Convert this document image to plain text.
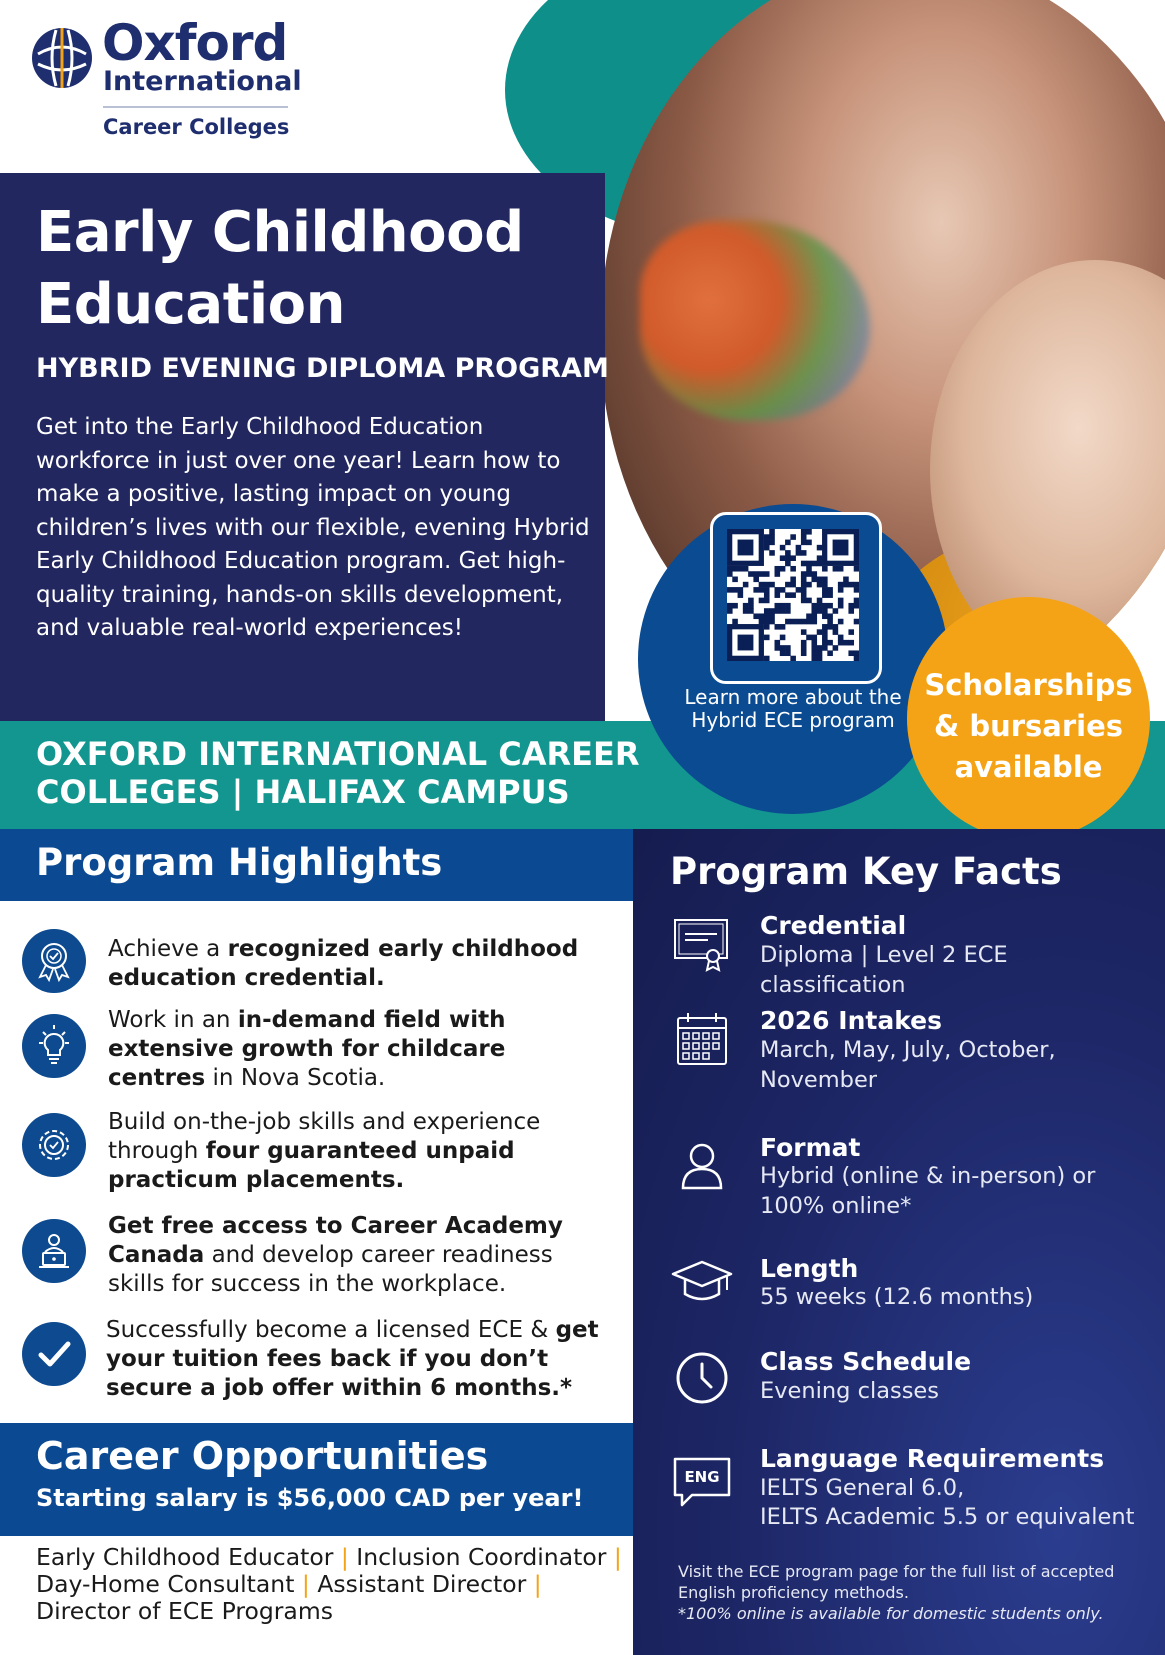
Oxford
International
Career Colleges
Early Childhood Education
HYBRID EVENING DIPLOMA PROGRAM
Get into the Early Childhood Education workforce in just over one year! Learn how to make a positive, lasting impact on young children’s lives with our flexible, evening Hybrid Early Childhood Education program. Get high-quality training, hands-on skills development, and valuable real-world experiences!
OXFORD INTERNATIONAL CAREER
COLLEGES | HALIFAX CAMPUS
Learn more about the Hybrid ECE program
Scholarships
& bursaries
available
Program Highlights
Achieve a recognized early childhood education credential.
Work in an in-demand field with extensive growth for childcare centres in Nova Scotia.
Build on-the-job skills and experience through four guaranteed unpaid practicum placements.
Get free access to Career Academy Canada and develop career readiness skills for success in the workplace.
Successfully become a licensed ECE & get your tuition fees back if you don’t secure a job offer within 6 months.*
Career Opportunities
Starting salary is $56,000 CAD per year!
Early Childhood Educator | Inclusion Coordinator | Day-Home Consultant | Assistant Director | Director of ECE Programs
Program Key Facts
Credential
Diploma | Level 2 ECE classification
2026 Intakes
March, May, July, October, November
Format
Hybrid (online & in-person) or 100% online*
Length
55 weeks (12.6 months)
Class Schedule
Evening classes
ENG
Language Requirements
IELTS General 6.0,
IELTS Academic 5.5 or equivalent
Visit the ECE program page for the full list of accepted English proficiency methods.
*100% online is available for domestic students only.
